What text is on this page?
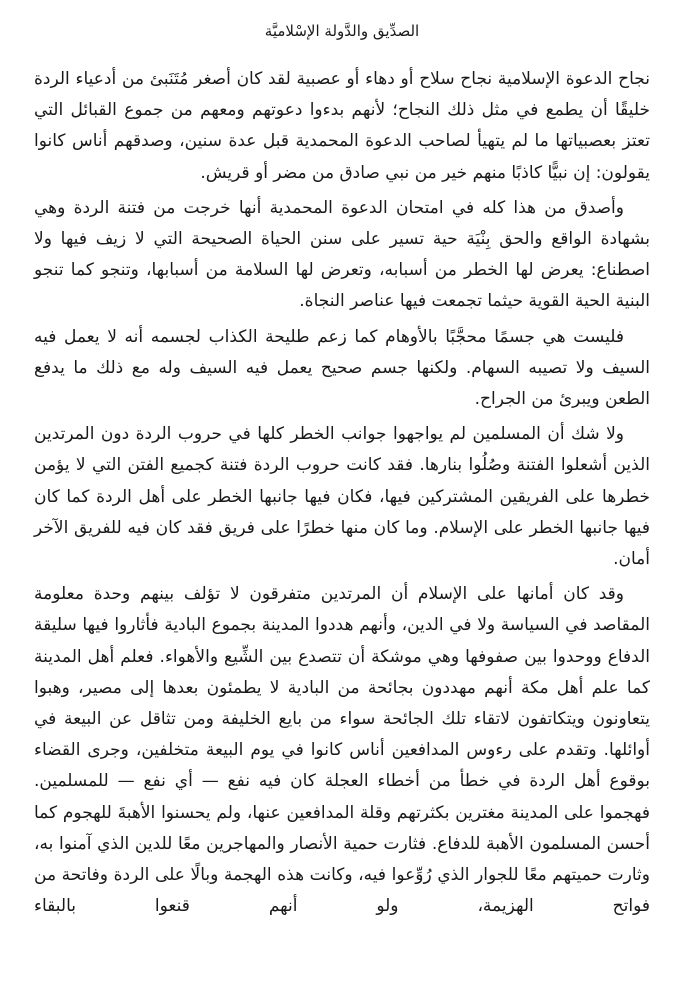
الصدِّيق والدَّولة الإسْلاميَّة

نجاح الدعوة الإسلامية نجاح سلاح أو دهاء أو عصبية لقد كان أصغر مُتَنَبئ من أدعياء الردة خليقًا أن يطمع في مثل ذلك النجاح؛ لأنهم بدءوا دعوتهم ومعهم من جموع القبائل التي تعتز بعصبياتها ما لم يتهيأ لصاحب الدعوة المحمدية قبل عدة سنين، وصدقهم أناس كانوا يقولون: إن نبيًّا كاذبًا منهم خير من نبي صادق من مضر أو قريش.

وأصدق من هذا كله في امتحان الدعوة المحمدية أنها خرجت من فتنة الردة وهي بشهادة الواقع والحق بِنْيَة حية تسير على سنن الحياة الصحيحة التي لا زيف فيها ولا اصطناع: يعرض لها الخطر من أسبابه، وتعرض لها السلامة من أسبابها، وتنجو كما تنجو البنية الحية القوية حيثما تجمعت فيها عناصر النجاة.

فليست هي جسمًا محجَّبًا بالأوهام كما زعم طليحة الكذاب لجسمه أنه لا يعمل فيه السيف ولا تصيبه السهام. ولكنها جسم صحيح يعمل فيه السيف وله مع ذلك ما يدفع الطعن ويبرئ من الجراح.

ولا شك أن المسلمين لم يواجهوا جوانب الخطر كلها في حروب الردة دون المرتدين الذين أشعلوا الفتنة وصُلُوا بنارها. فقد كانت حروب الردة فتنة كجميع الفتن التي لا يؤمن خطرها على الفريقين المشتركين فيها، فكان فيها جانبها الخطر على أهل الردة كما كان فيها جانبها الخطر على الإسلام. وما كان منها خطرًا على فريق فقد كان فيه للفريق الآخر أمان.

وقد كان أمانها على الإسلام أن المرتدين متفرقون لا تؤلف بينهم وحدة معلومة المقاصد في السياسة ولا في الدين، وأنهم هددوا المدينة بجموع البادية فأثاروا فيها سليقة الدفاع ووحدوا بين صفوفها وهي موشكة أن تتصدع بين الشِّيع والأهواء. فعلم أهل المدينة كما علم أهل مكة أنهم مهددون بجائحة من البادية لا يطمئون بعدها إلى مصير، وهبوا يتعاونون ويتكاتفون لاتقاء تلك الجائحة سواء من بايع الخليفة ومن تثاقل عن البيعة في أوائلها. وتقدم على رءوس المدافعين أناس كانوا في يوم البيعة متخلفين، وجرى القضاء بوقوع أهل الردة في خطأ من أخطاء العجلة كان فيه نفع — أي نفع — للمسلمين. فهجموا على المدينة مغترين بكثرتهم وقلة المدافعين عنها، ولم يحسنوا الأهبةَ للهجوم كما أحسن المسلمون الأهبة للدفاع. فثارت حمية الأنصار والمهاجرين معًا للدين الذي آمنوا به، وثارت حميتهم معًا للجوار الذي رُوِّعوا فيه، وكانت هذه الهجمة وبالًا على الردة وفاتحة من فواتح الهزيمة، ولو أنهم قنعوا بالبقاء
